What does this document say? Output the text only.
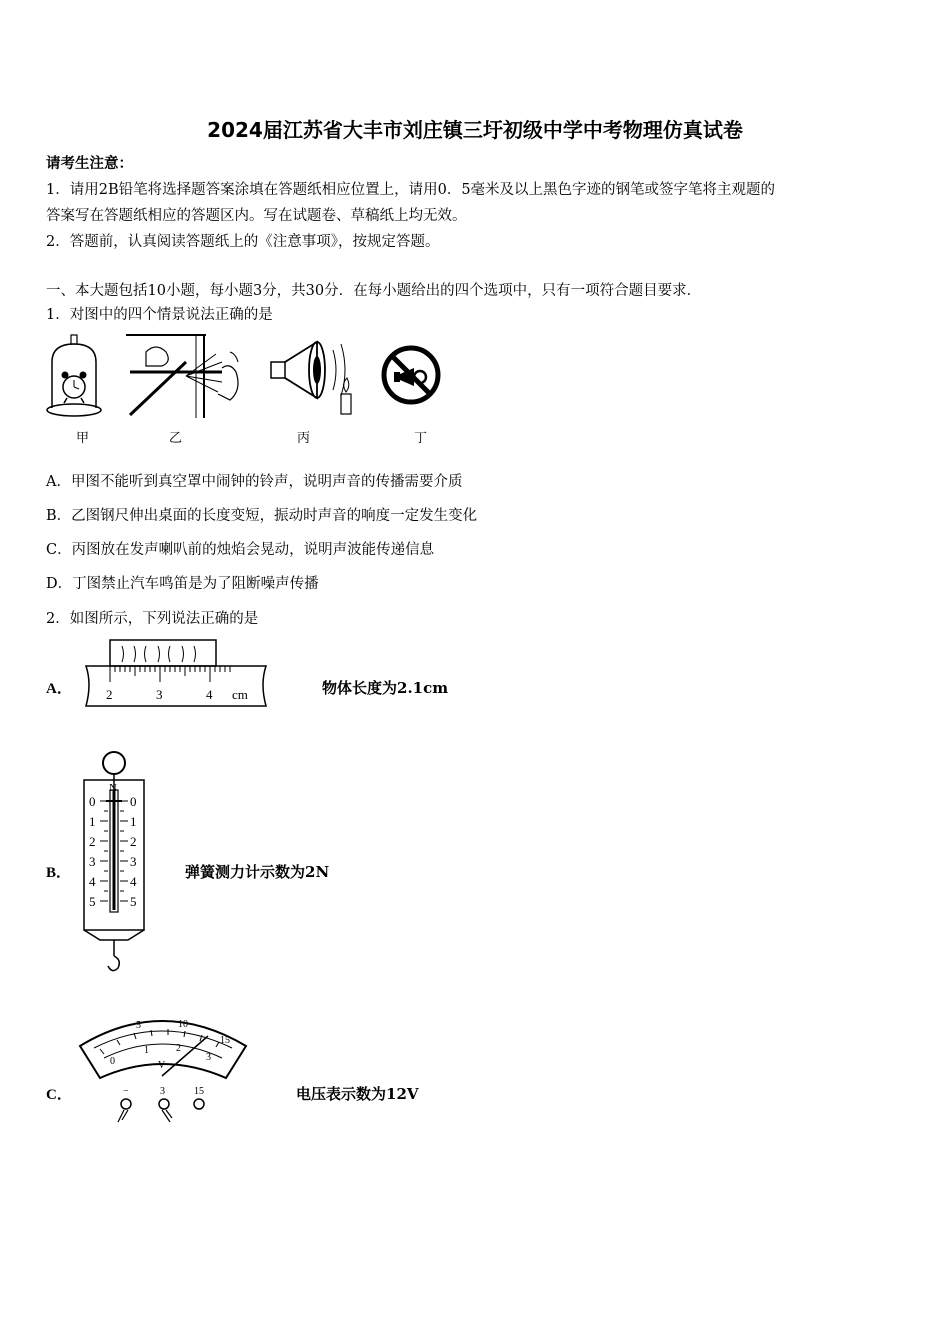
2024届江苏省大丰市刘庄镇三圩初级中学中考物理仿真试卷
请考生注意：
1．请用2B铅笔将选择题答案涂填在答题纸相应位置上，请用0．5毫米及以上黑色字迹的钢笔或签字笔将主观题的
答案写在答题纸相应的答题区内。写在试题卷、草稿纸上均无效。
2．答题前，认真阅读答题纸上的《注意事项》，按规定答题。
一、本大题包括10小题，每小题3分，共30分．在每小题给出的四个选项中，只有一项符合题目要求．
1．对图中的四个情景说法正确的是
甲	乙	丙	丁
A．甲图不能听到真空罩中闹钟的铃声，说明声音的传播需要介质
B．乙图钢尺伸出桌面的长度变短，振动时声音的响度一定发生变化
C．丙图放在发声喇叭前的烛焰会晃动，说明声波能传递信息
D．丁图禁止汽车鸣笛是为了阻断噪声传播
2．如图所示，下列说法正确的是
A．	2	3	4 cm	物体长度为2.1cm
B．
N
0
1
2
3
4
5
0
1
2
3
4
5
弹簧测力计示数为2N
C．
5	10
15
0
1	2
3
V
−	3	15	电压表示数为12V
